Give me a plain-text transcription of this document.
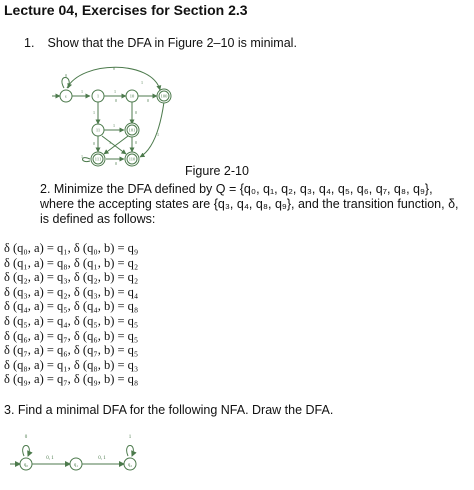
Lecture 04, Exercises for Section 2.3
1. Show that the DFA in Figure 2–10 is minimal.
ε	1	10	100
11	101
111	110
0
1
0
1
0
1
0
1	0
1
0	1	0
1
0
1
Figure 2-10
2. Minimize the DFA defined by Q = {q₀, q₁, q₂, q₃, q₄, q₅, q₆, q₇, q₈, q₉},
where the accepting states are {q₃, q₄, q₈, q₉}, and the transition function, δ,
is defined as follows:
δ (q₀, a) = q₁, δ (q₀, b) = q₉
δ (q₁, a) = q₈, δ (q₁, b) = q₂
δ (q₂, a) = q₃, δ (q₂, b) = q₂
δ (q₃, a) = q₂, δ (q₃, b) = q₄
δ (q₄, a) = q₅, δ (q₄, b) = q₈
δ (q₅, a) = q₄, δ (q₅, b) = q₅
δ (q₆, a) = q₇, δ (q₆, b) = q₅
δ (q₇, a) = q₆, δ (q₇, b) = q₅
δ (q₈, a) = q₁, δ (q₈, b) = q₃
δ (q₉, a) = q₇, δ (q₉, b) = q₈
3. Find a minimal DFA for the following NFA. Draw the DFA.
q₀	q₁	q₂
0	1
0, 1	0, 1
